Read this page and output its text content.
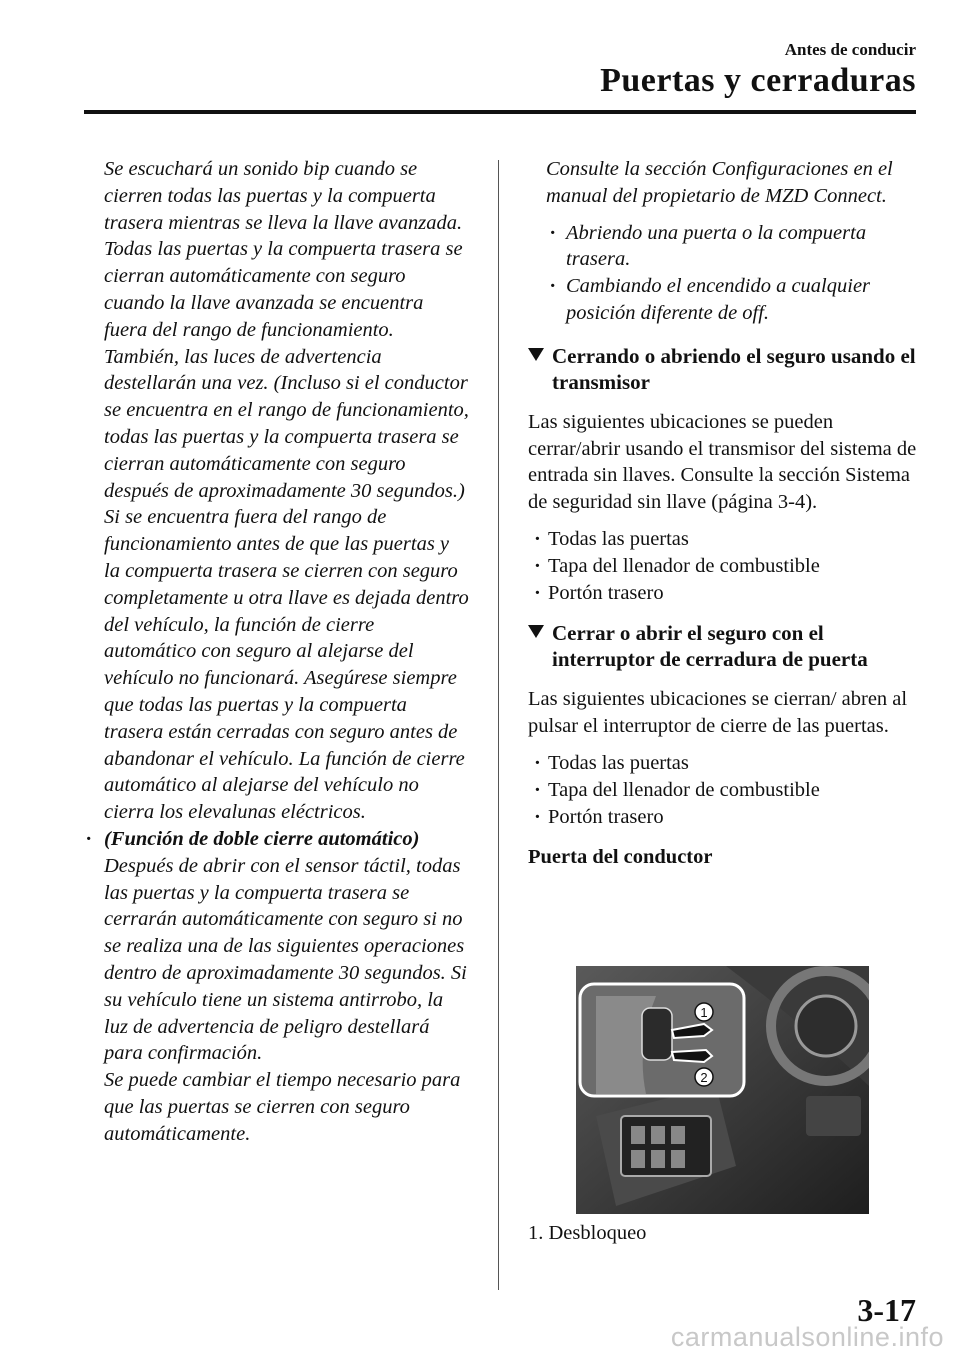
Antes de conducir
Puertas y cerraduras

Se escuchará un sonido bip cuando se cierren todas las puertas y la compuerta trasera mientras se lleva la llave avanzada. Todas las puertas y la compuerta trasera se cierran automáticamente con seguro cuando la llave avanzada se encuentra fuera del rango de funcionamiento. También, las luces de advertencia destellarán una vez. (Incluso si el conductor se encuentra en el rango de funcionamiento, todas las puertas y la compuerta trasera se cierran automáticamente con seguro después de aproximadamente 30 segundos.) Si se encuentra fuera del rango de funcionamiento antes de que las puertas y la compuerta trasera se cierren con seguro completamente u otra llave es dejada dentro del vehículo, la función de cierre automático con seguro al alejarse del vehículo no funcionará. Asegúrese siempre que todas las puertas y la compuerta trasera están cerradas con seguro antes de abandonar el vehículo. La función de cierre automático al alejarse del vehículo no cierra los elevalunas eléctricos.

· (Función de doble cierre automático)
Después de abrir con el sensor táctil, todas las puertas y la compuerta trasera se cerrarán automáticamente con seguro si no se realiza una de las siguientes operaciones dentro de aproximadamente 30 segundos. Si su vehículo tiene un sistema antirrobo, la luz de advertencia de peligro destellará para confirmación.
Se puede cambiar el tiempo necesario para que las puertas se cierren con seguro automáticamente.

Consulte la sección Configuraciones en el manual del propietario de MZD Connect.

· Abriendo una puerta o la compuerta trasera.
· Cambiando el encendido a cualquier posición diferente de off.
Cerrando o abriendo el seguro usando el transmisor

Las siguientes ubicaciones se pueden cerrar/abrir usando el transmisor del sistema de entrada sin llaves. Consulte la sección Sistema de seguridad sin llave (página 3-4).

· Todas las puertas
· Tapa del llenador de combustible
· Portón trasero
Cerrar o abrir el seguro con el interruptor de cerradura de puerta

Las siguientes ubicaciones se cierran/ abren al pulsar el interruptor de cierre de las puertas.

· Todas las puertas
· Tapa del llenador de combustible
· Portón trasero
Puerta del conductor
1
2
1. Desbloqueo
3-17
carmanualsonline.info
